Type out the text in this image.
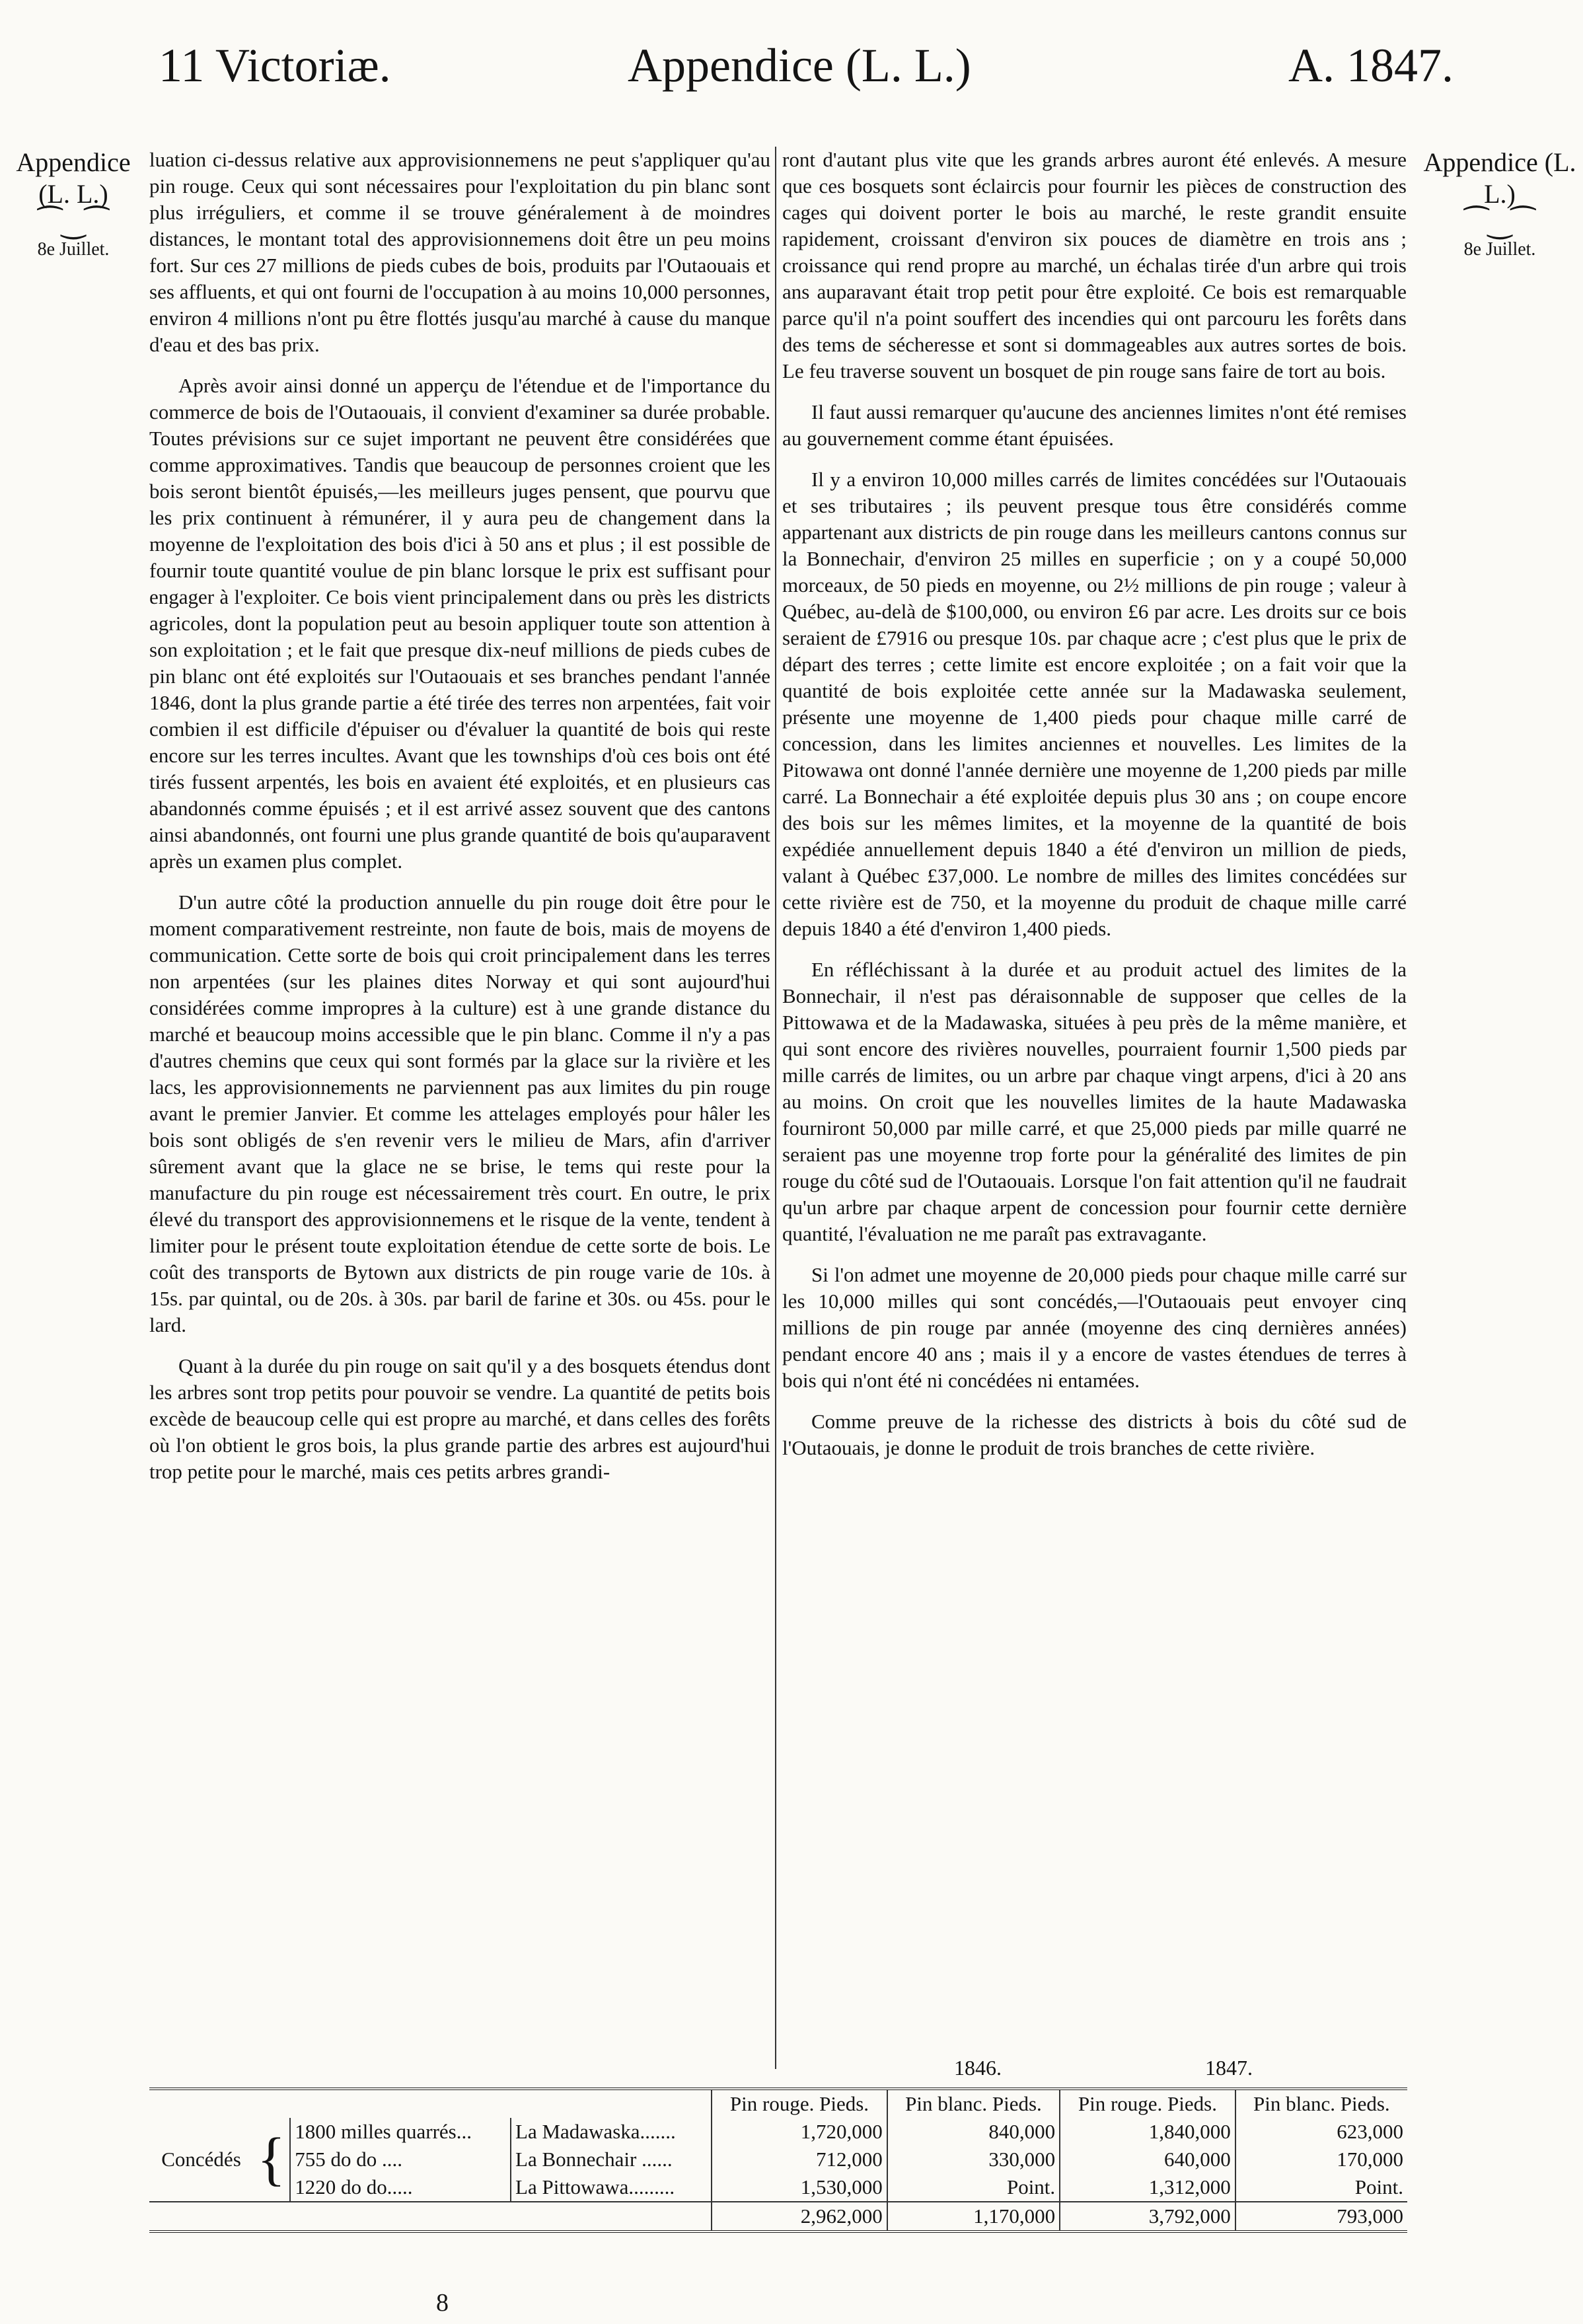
11 Victoriæ.	Appendice (L. L.)	A. 1847.
Appendice (L. L.)
⁀‿⁀
8e Juillet.
Appendice (L. L.)
⁀‿⁀
8e Juillet.

luation ci-dessus relative aux approvisionnemens ne peut s'appliquer qu'au pin rouge. Ceux qui sont nécessaires pour l'exploitation du pin blanc sont plus irréguliers, et comme il se trouve généralement à de moindres distances, le montant total des approvisionnemens doit être un peu moins fort. Sur ces 27 millions de pieds cubes de bois, produits par l'Outaouais et ses affluents, et qui ont fourni de l'occupation à au moins 10,000 personnes, environ 4 millions n'ont pu être flottés jusqu'au marché à cause du manque d'eau et des bas prix.

Après avoir ainsi donné un apperçu de l'étendue et de l'importance du commerce de bois de l'Outaouais, il convient d'examiner sa durée probable. Toutes prévisions sur ce sujet important ne peuvent être considérées que comme approximatives. Tandis que beaucoup de personnes croient que les bois seront bientôt épuisés,—les meilleurs juges pensent, que pourvu que les prix continuent à rémunérer, il y aura peu de changement dans la moyenne de l'exploitation des bois d'ici à 50 ans et plus ; il est possible de fournir toute quantité voulue de pin blanc lorsque le prix est suffisant pour engager à l'exploiter. Ce bois vient principalement dans ou près les districts agricoles, dont la population peut au besoin appliquer toute son attention à son exploitation ; et le fait que presque dix-neuf millions de pieds cubes de pin blanc ont été exploités sur l'Outaouais et ses branches pendant l'année 1846, dont la plus grande partie a été tirée des terres non arpentées, fait voir combien il est difficile d'épuiser ou d'évaluer la quantité de bois qui reste encore sur les terres incultes. Avant que les townships d'où ces bois ont été tirés fussent arpentés, les bois en avaient été exploités, et en plusieurs cas abandonnés comme épuisés ; et il est arrivé assez souvent que des cantons ainsi abandonnés, ont fourni une plus grande quantité de bois qu'auparavent après un examen plus complet.

D'un autre côté la production annuelle du pin rouge doit être pour le moment comparativement restreinte, non faute de bois, mais de moyens de communication. Cette sorte de bois qui croit principalement dans les terres non arpentées (sur les plaines dites Norway et qui sont aujourd'hui considérées comme impropres à la culture) est à une grande distance du marché et beaucoup moins accessible que le pin blanc. Comme il n'y a pas d'autres chemins que ceux qui sont formés par la glace sur la rivière et les lacs, les approvisionnements ne parviennent pas aux limites du pin rouge avant le premier Janvier. Et comme les attelages employés pour hâler les bois sont obligés de s'en revenir vers le milieu de Mars, afin d'arriver sûrement avant que la glace ne se brise, le tems qui reste pour la manufacture du pin rouge est nécessairement très court. En outre, le prix élevé du transport des approvisionnemens et le risque de la vente, tendent à limiter pour le présent toute exploitation étendue de cette sorte de bois. Le coût des transports de Bytown aux districts de pin rouge varie de 10s. à 15s. par quintal, ou de 20s. à 30s. par baril de farine et 30s. ou 45s. pour le lard.

Quant à la durée du pin rouge on sait qu'il y a des bosquets étendus dont les arbres sont trop petits pour pouvoir se vendre. La quantité de petits bois excède de beaucoup celle qui est propre au marché, et dans celles des forêts où l'on obtient le gros bois, la plus grande partie des arbres est aujourd'hui trop petite pour le marché, mais ces petits arbres grandi-

ront d'autant plus vite que les grands arbres auront été enlevés. A mesure que ces bosquets sont éclaircis pour fournir les pièces de construction des cages qui doivent porter le bois au marché, le reste grandit ensuite rapidement, croissant d'environ six pouces de diamètre en trois ans ; croissance qui rend propre au marché, un échalas tirée d'un arbre qui trois ans auparavant était trop petit pour être exploité. Ce bois est remarquable parce qu'il n'a point souffert des incendies qui ont parcouru les forêts dans des tems de sécheresse et sont si dommageables aux autres sortes de bois. Le feu traverse souvent un bosquet de pin rouge sans faire de tort au bois.

Il faut aussi remarquer qu'aucune des anciennes limites n'ont été remises au gouvernement comme étant épuisées.

Il y a environ 10,000 milles carrés de limites concédées sur l'Outaouais et ses tributaires ; ils peuvent presque tous être considérés comme appartenant aux districts de pin rouge dans les meilleurs cantons connus sur la Bonnechair, d'environ 25 milles en superficie ; on y a coupé 50,000 morceaux, de 50 pieds en moyenne, ou 2½ millions de pin rouge ; valeur à Québec, au-delà de $100,000, ou environ £6 par acre. Les droits sur ce bois seraient de £7916 ou presque 10s. par chaque acre ; c'est plus que le prix de départ des terres ; cette limite est encore exploitée ; on a fait voir que la quantité de bois exploitée cette année sur la Madawaska seulement, présente une moyenne de 1,400 pieds pour chaque mille carré de concession, dans les limites anciennes et nouvelles. Les limites de la Pitowawa ont donné l'année dernière une moyenne de 1,200 pieds par mille carré. La Bonnechair a été exploitée depuis plus 30 ans ; on coupe encore des bois sur les mêmes limites, et la moyenne de la quantité de bois expédiée annuellement depuis 1840 a été d'environ un million de pieds, valant à Québec £37,000. Le nombre de milles des limites concédées sur cette rivière est de 750, et la moyenne du produit de chaque mille carré depuis 1840 a été d'environ 1,400 pieds.

En réfléchissant à la durée et au produit actuel des limites de la Bonnechair, il n'est pas déraisonnable de supposer que celles de la Pittowawa et de la Madawaska, situées à peu près de la même manière, et qui sont encore des rivières nouvelles, pourraient fournir 1,500 pieds par mille carrés de limites, ou un arbre par chaque vingt arpens, d'ici à 20 ans au moins. On croit que les nouvelles limites de la haute Madawaska fourniront 50,000 par mille carré, et que 25,000 pieds par mille quarré ne seraient pas une moyenne trop forte pour la généralité des limites de pin rouge du côté sud de l'Outaouais. Lorsque l'on fait attention qu'il ne faudrait qu'un arbre par chaque arpent de concession pour fournir cette dernière quantité, l'évaluation ne me paraît pas extravagante.

Si l'on admet une moyenne de 20,000 pieds pour chaque mille carré sur les 10,000 milles qui sont concédés,—l'Outaouais peut envoyer cinq millions de pin rouge par année (moyenne des cinq dernières années) pendant encore 40 ans ; mais il y a encore de vastes étendues de terres à bois qui n'ont été ni concédées ni entamées.

Comme preuve de la richesse des districts à bois du côté sud de l'Outaouais, je donne le produit de trois branches de cette rivière.

1846.	1847.
				Pin rouge. Pieds.	Pin blanc. Pieds.	Pin rouge. Pieds.	Pin blanc. Pieds.
Concédés	{	1800 milles quarrés...	La Madawaska.......	1,720,000	840,000	1,840,000	623,000
		755 do do ....	La Bonnechair ......	712,000	330,000	640,000	170,000
		1220 do do.....	La Pittowawa.........	1,530,000	Point.	1,312,000	Point.
				2,962,000	1,170,000	3,792,000	793,000
8
